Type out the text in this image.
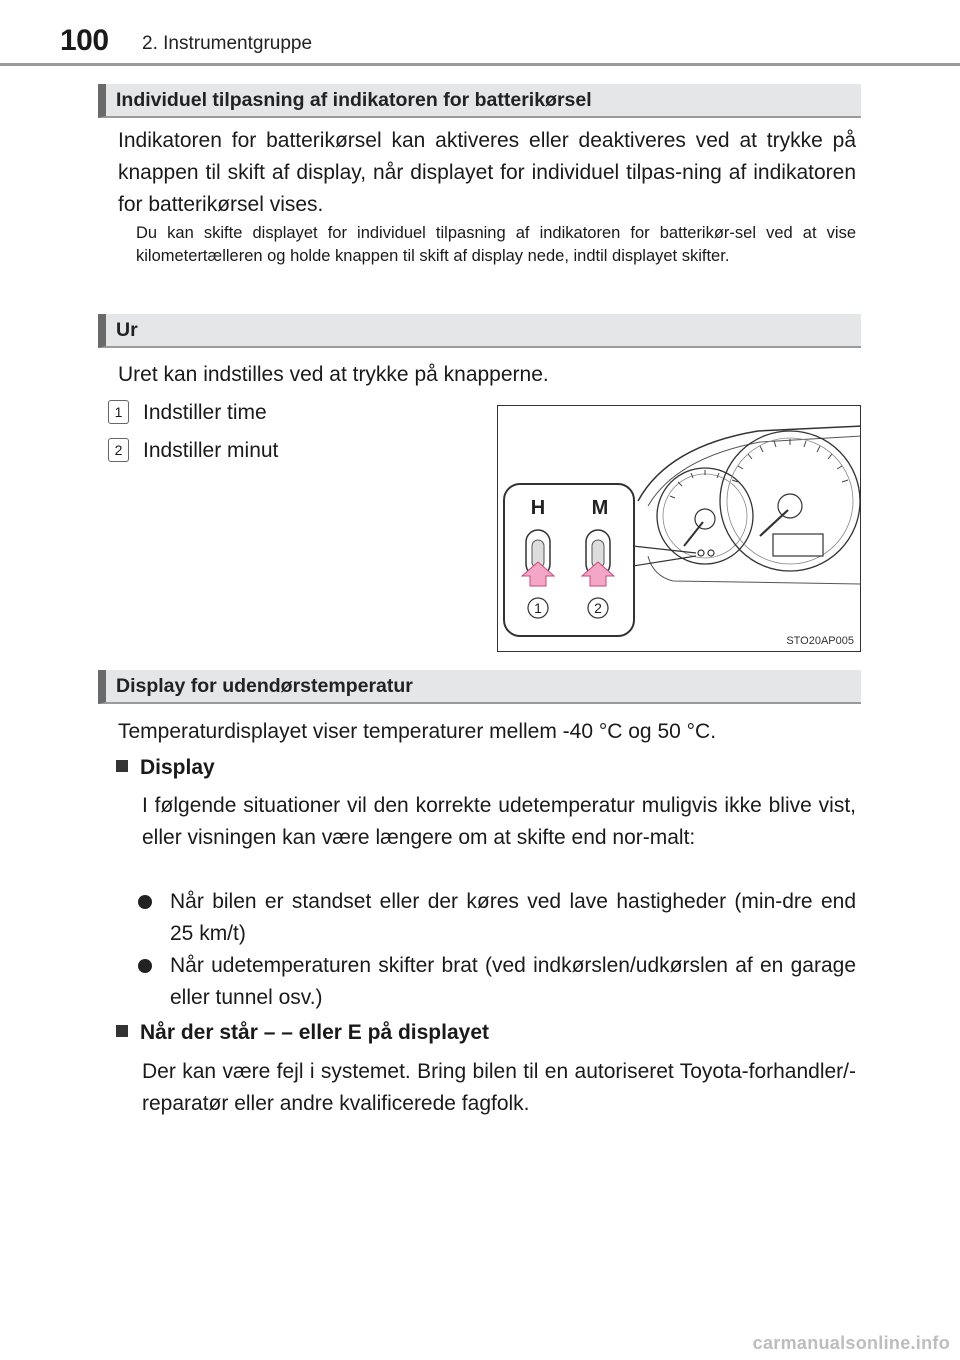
100 2. Instrumentgruppe
Individuel tilpasning af indikatoren for batterikørsel

Indikatoren for batterikørsel kan aktiveres eller deaktiveres ved at trykke på knappen til skift af display, når displayet for individuel tilpas-ning af indikatoren for batterikørsel vises.

Du kan skifte displayet for individuel tilpasning af indikatoren for batterikør-sel ved at vise kilometertælleren og holde knappen til skift af display nede, indtil displayet skifter.

Ur

Uret kan indstilles ved at trykke på knapperne.

1 Indstiller time
2 Indstiller minut
H M
1	2
STO20AP005
Display for udendørstemperatur

Temperaturdisplayet viser temperaturer mellem -40 °C og 50 °C.

Display

I følgende situationer vil den korrekte udetemperatur muligvis ikke blive vist, eller visningen kan være længere om at skifte end nor-malt:

Når bilen er standset eller der køres ved lave hastigheder (min-dre end 25 km/t)
Når udetemperaturen skifter brat (ved indkørslen/udkørslen af en garage eller tunnel osv.)
Når der står – – eller E på displayet

Der kan være fejl i systemet. Bring bilen til en autoriseret Toyota-forhandler/-reparatør eller andre kvalificerede fagfolk.

carmanualsonline.info
